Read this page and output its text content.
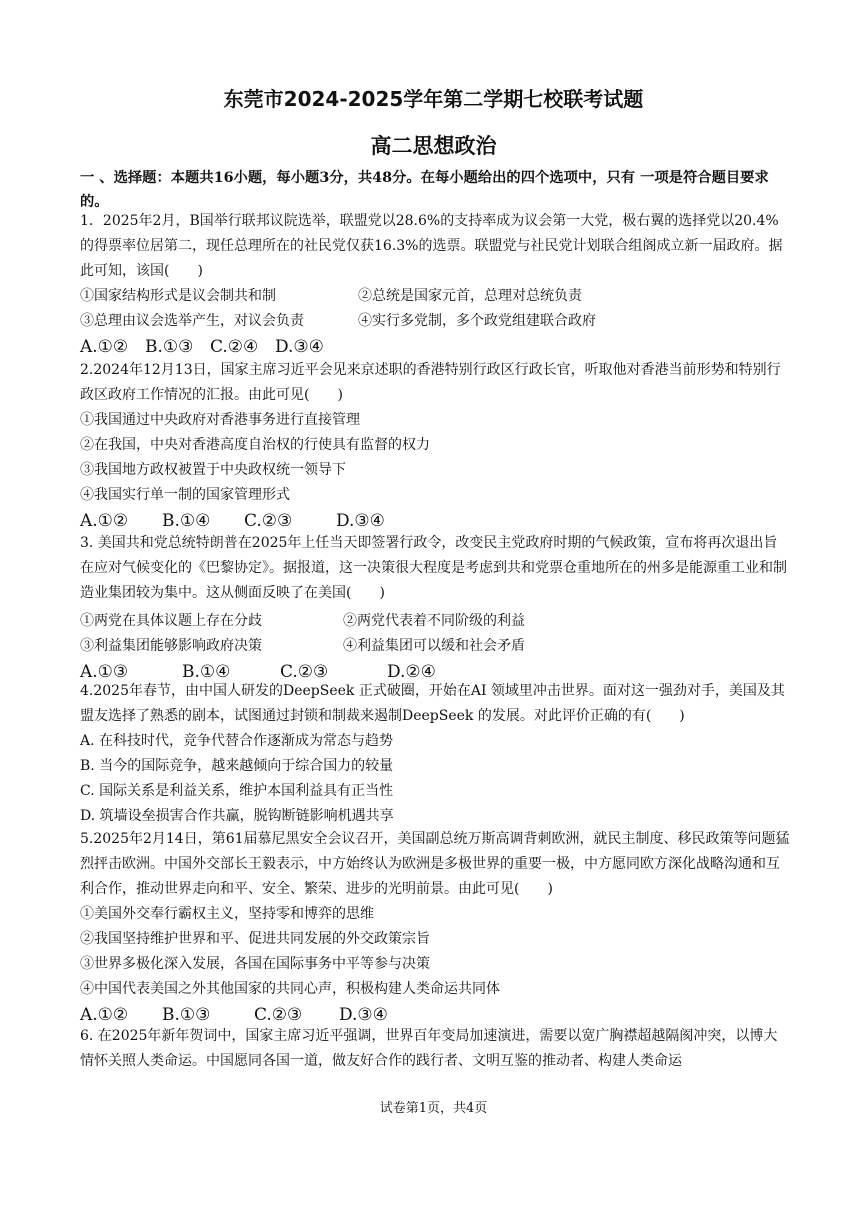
东莞市2024-2025学年第二学期七校联考试题
高二思想政治
一 、选择题：本题共16小题，每小题3分，共48分。在每小题给出的四个选项中，只有 一项是符合题目要求的。

1．2025年2月，B国举行联邦议院选举，联盟党以28.6%的支持率成为议会第一大党，极右翼的选择党以20.4%的得票率位居第二，现任总理所在的社民党仅获16.3%的选票。联盟党与社民党计划联合组阁成立新一届政府。据此可知，该国(　　)

①国家结构形式是议会制共和制	②总统是国家元首，总理对总统负责
③总理由议会选举产生，对议会负责	④实行多党制，多个政党组建联合政府
A.①② B.①③ C.②④ D.③④

2.2024年12月13日，国家主席习近平会见来京述职的香港特别行政区行政长官，听取他对香港当前形势和特别行政区政府工作情况的汇报。由此可见(　　)

①我国通过中央政府对香港事务进行直接管理

②在我国，中央对香港高度自治权的行使具有监督的权力

③我国地方政权被置于中央政权统一领导下

④我国实行单一制的国家管理形式

A.①② B.①④ C.②③	D.③④

3. 美国共和党总统特朗普在2025年上任当天即签署行政令，改变民主党政府时期的气候政策，宣布将再次退出旨在应对气候变化的《巴黎协定》。据报道，这一决策很大程度是考虑到共和党票仓重地所在的州多是能源重工业和制造业集团较为集中。这从侧面反映了在美国(　　)

①两党在具体议题上存在分歧	②两党代表着不同阶级的利益
③利益集团能够影响政府决策	④利益集团可以缓和社会矛盾
A.①③	B.①④	C.②③	D.②④

4.2025年春节，由中国人研发的DeepSeek 正式破圈，开始在AI 领域里冲击世界。面对这一强劲对手，美国及其盟友选择了熟悉的剧本，试图通过封锁和制裁来遏制DeepSeek 的发展。对此评价正确的有(　　)

A. 在科技时代，竞争代替合作逐渐成为常态与趋势

B. 当今的国际竞争，越来越倾向于综合国力的较量

C. 国际关系是利益关系，维护本国利益具有正当性

D. 筑墙设垒损害合作共赢，脱钩断链影响机遇共享

5.2025年2月14日，第61届慕尼黑安全会议召开，美国副总统万斯高调背刺欧洲，就民主制度、移民政策等问题猛烈抨击欧洲。中国外交部长王毅表示，中方始终认为欧洲是多极世界的重要一极，中方愿同欧方深化战略沟通和互利合作，推动世界走向和平、安全、繁荣、进步的光明前景。由此可见(　　)

①美国外交奉行霸权主义，坚持零和博弈的思维

②我国坚持维护世界和平、促进共同发展的外交政策宗旨

③世界多极化深入发展，各国在国际事务中平等参与决策

④中国代表美国之外其他国家的共同心声，积极构建人类命运共同体

A.①② B.①③	C.②③ D.③④

6. 在2025年新年贺词中，国家主席习近平强调，世界百年变局加速演进，需要以宽广胸襟超越隔阂冲突，以博大情怀关照人类命运。中国愿同各国一道，做友好合作的践行者、文明互鉴的推动者、构建人类命运

试卷第1页，共4页
